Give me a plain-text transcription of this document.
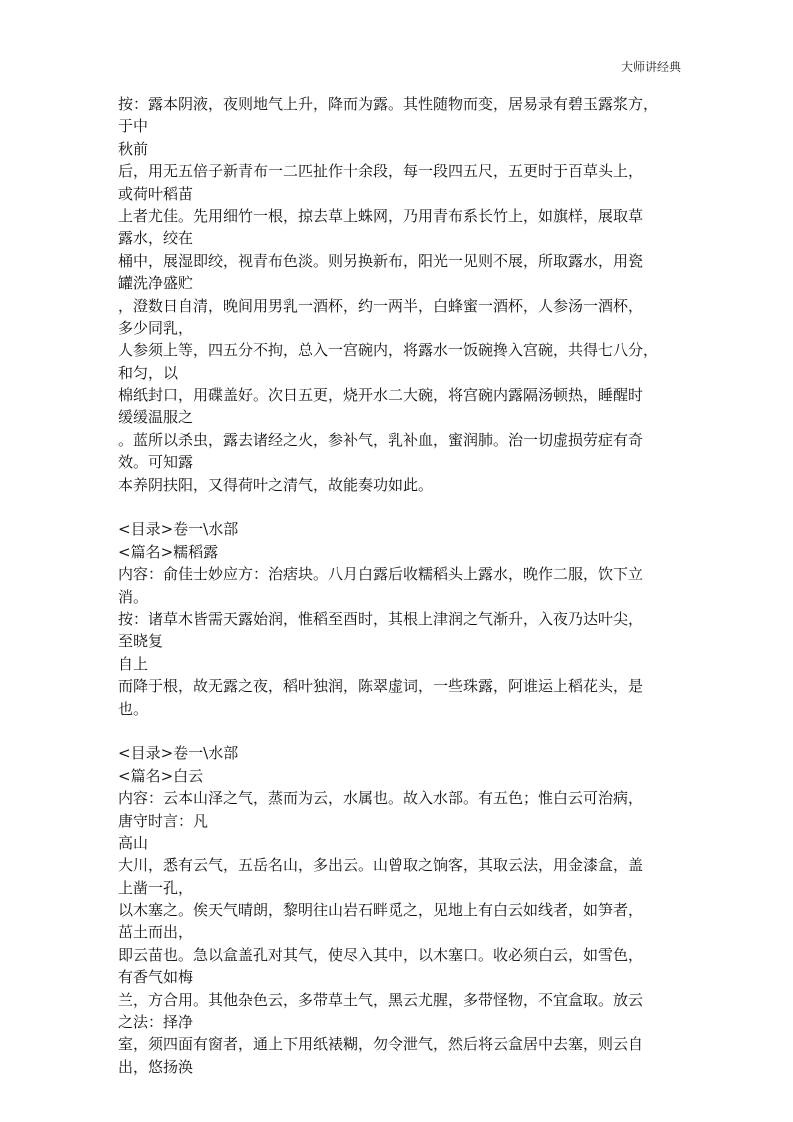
大师讲经典
按：露本阴液，夜则地气上升，降而为露。其性随物而变，居易录有碧玉露浆方，
于中
秋前
后，用无五倍子新青布一二匹扯作十余段，每一段四五尺，五更时于百草头上，
或荷叶稻苗
上者尤佳。先用细竹一根，掠去草上蛛网，乃用青布系长竹上，如旗样，展取草
露水，绞在
桶中，展湿即绞，视青布色淡。则另换新布，阳光一见则不展，所取露水，用瓷
罐洗净盛贮
，澄数日自清，晚间用男乳一酒杯，约一两半，白蜂蜜一酒杯，人参汤一酒杯，
多少同乳，
人参须上等，四五分不拘，总入一宫碗内，将露水一饭碗搀入宫碗，共得七八分，
和匀，以
棉纸封口，用碟盖好。次日五更，烧开水二大碗，将宫碗内露隔汤顿热，睡醒时
缓缓温服之
。蓝所以杀虫，露去诸经之火，参补气，乳补血，蜜润肺。治一切虚损劳症有奇
效。可知露
本养阴扶阳，又得荷叶之清气，故能奏功如此。
<目录>卷一\水部
<篇名>糯稻露
内容：俞佳士妙应方：治痞块。八月白露后收糯稻头上露水，晚作二服，饮下立
消。
按：诸草木皆需天露始润，惟稻至酉时，其根上津润之气渐升，入夜乃达叶尖，
至晓复
自上
而降于根，故无露之夜，稻叶独润，陈翠虚词，一些珠露，阿谁运上稻花头，是
也。
<目录>卷一\水部
<篇名>白云
内容：云本山泽之气，蒸而为云，水属也。故入水部。有五色；惟白云可治病，
唐守时言：凡
高山
大川，悉有云气，五岳名山，多出云。山曾取之饷客，其取云法，用金漆盒，盖
上凿一孔，
以木塞之。俟天气晴朗，黎明往山岩石畔觅之，见地上有白云如线者，如笋者，
茁土而出，
即云苗也。急以盒盖孔对其气，使尽入其中，以木塞口。收必须白云，如雪色，
有香气如梅
兰，方合用。其他杂色云，多带草土气，黑云尤腥，多带怪物，不宜盒取。放云
之法：择净
室，须四面有窗者，通上下用纸裱糊，勿令泄气，然后将云盒居中去塞，则云自
出，悠扬涣
